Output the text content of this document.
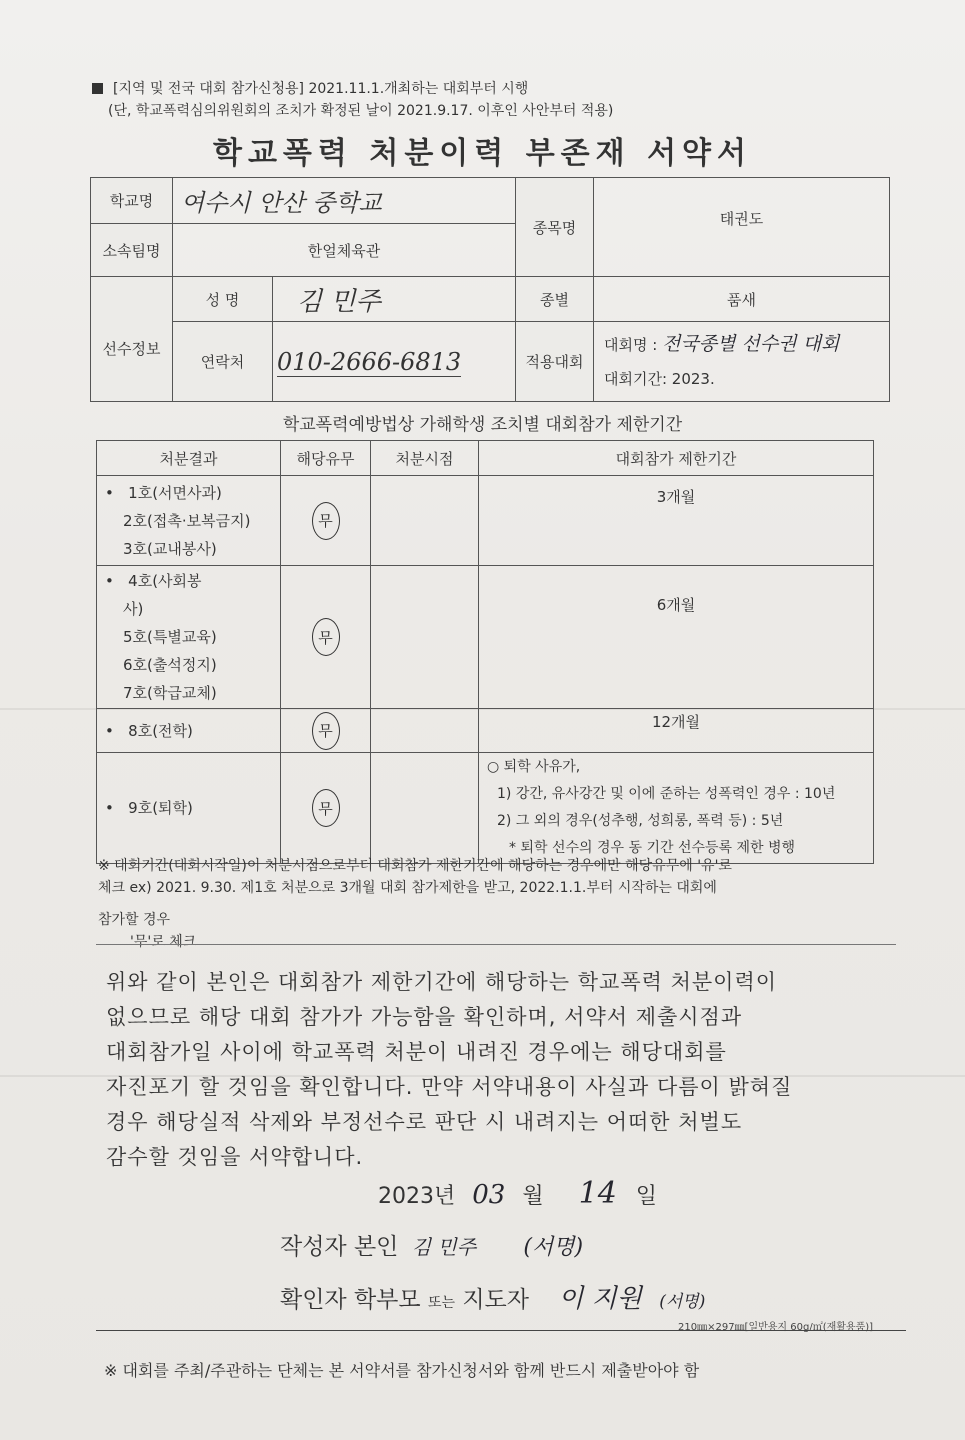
[지역 및 전국 대회 참가신청용] 2021.11.1.개최하는 대회부터 시행
(단, 학교폭력심의위원회의 조치가 확정된 날이 2021.9.17. 이후인 사안부터 적용)
학교폭력 처분이력 부존재 서약서
학교명	여수시 안산 중학교		종목명	태권도
소속팀명	한얼체육관			
선수정보	성 명	김 민주	종별	품새
	연락처	010-2666-6813	적용대회	대회명 : 전국종별 선수권 대회
대회기간: 2023.
학교폭력예방법상 가해학생 조치별 대회참가 제한기간
처분결과	해당유무	처분시점	대회참가 제한기간

•   1호(서면사과)
2호(접촉·보복금지)
3호(교내봉사)	무		3개월

•   4호(사회봉
사)
5호(특별교육)
6호(출석정지)
7호(학급교체)	무		6개월

•   8호(전학)	무		12개월

•   9호(퇴학)	무		○ 퇴학 사유가,
1) 강간, 유사강간 및 이에 준하는 성폭력인 경우 : 10년
2) 그 외의 경우(성추행, 성희롱, 폭력 등) : 5년
* 퇴학 선수의 경우 동 기간 선수등록 제한 병행
※ 대회기간(대회시작일)이 처분시점으로부터 대회참가 제한기간에 해당하는 경우에만 해당유무에 '유'로
체크 ex) 2021. 9.30. 제1호 처분으로 3개월 대회 참가제한을 받고, 2022.1.1.부터 시작하는 대회에
참가할 경우
'무'로 체크
위와 같이 본인은 대회참가 제한기간에 해당하는 학교폭력 처분이력이
없으므로 해당 대회 참가가 가능함을 확인하며, 서약서 제출시점과
대회참가일 사이에 학교폭력 처분이 내려진 경우에는 해당대회를
자진포기 할 것임을 확인합니다. 만약 서약내용이 사실과 다름이 밝혀질
경우 해당실적 삭제와 부정선수로 판단 시 내려지는 어떠한 처벌도
감수할 것임을 서약합니다.
2023년 03 월 14 일
작성자 본인 김 민주 (서명)
확인자 학부모 또는 지도자 이 지원 (서명)
210㎜×297㎜[일반용지 60g/㎡(재활용품)]
※ 대회를 주최/주관하는 단체는 본 서약서를 참가신청서와 함께 반드시 제출받아야 함
